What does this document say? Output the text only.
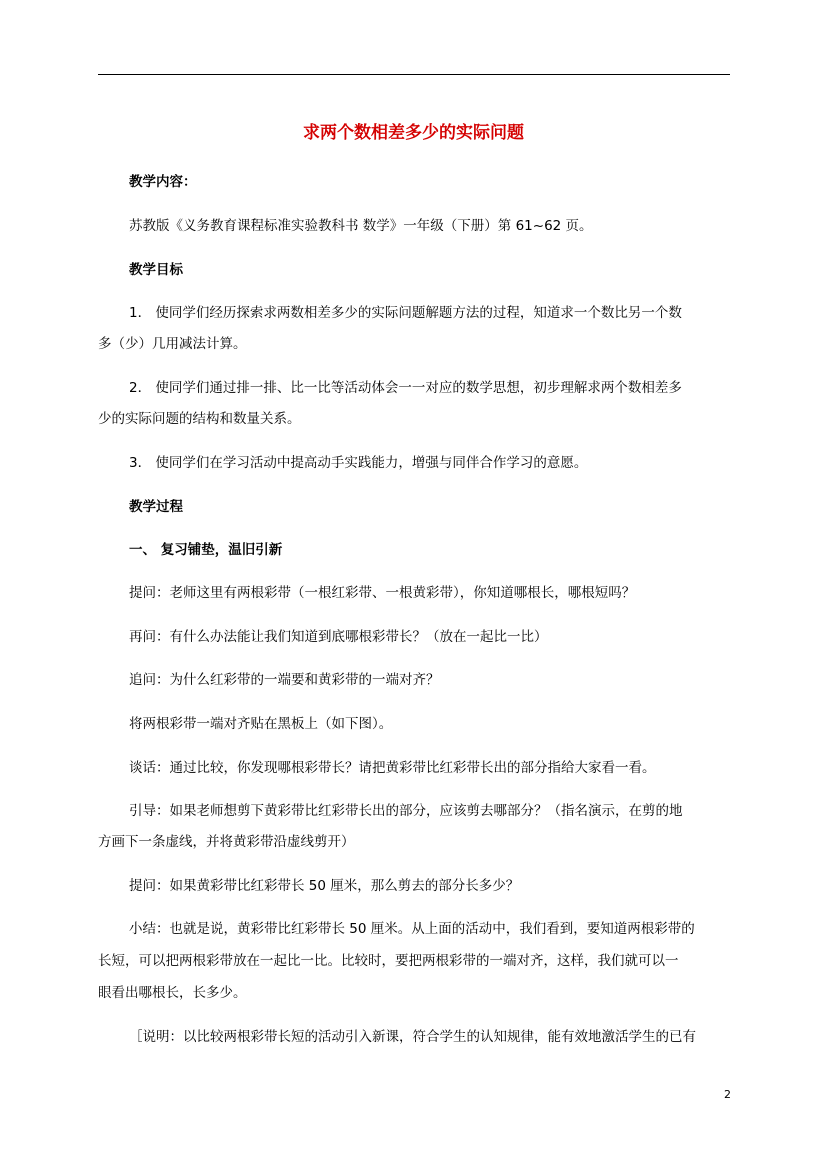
求两个数相差多少的实际问题
教学内容：
苏教版《义务教育课程标准实验教科书 数学》一年级（下册）第 61~62 页。
教学目标
1． 使同学们经历探索求两数相差多少的实际问题解题方法的过程，知道求一个数比另一个数
多（少）几用减法计算。
2． 使同学们通过排一排、比一比等活动体会一一对应的数学思想，初步理解求两个数相差多
少的实际问题的结构和数量关系。
3． 使同学们在学习活动中提高动手实践能力，增强与同伴合作学习的意愿。
教学过程
一、 复习铺垫，温旧引新
提问：老师这里有两根彩带（一根红彩带、一根黄彩带），你知道哪根长，哪根短吗？
再问：有什么办法能让我们知道到底哪根彩带长？（放在一起比一比）
追问：为什么红彩带的一端要和黄彩带的一端对齐？
将两根彩带一端对齐贴在黑板上（如下图）。
谈话：通过比较，你发现哪根彩带长？请把黄彩带比红彩带长出的部分指给大家看一看。
引导：如果老师想剪下黄彩带比红彩带长出的部分，应该剪去哪部分？（指名演示，在剪的地
方画下一条虚线，并将黄彩带沿虚线剪开）
提问：如果黄彩带比红彩带长 50 厘米，那么剪去的部分长多少？
小结：也就是说，黄彩带比红彩带长 50 厘米。从上面的活动中，我们看到，要知道两根彩带的
长短，可以把两根彩带放在一起比一比。比较时，要把两根彩带的一端对齐，这样，我们就可以一
眼看出哪根长，长多少。
［说明：以比较两根彩带长短的活动引入新课，符合学生的认知规律，能有效地激活学生的已有
2
